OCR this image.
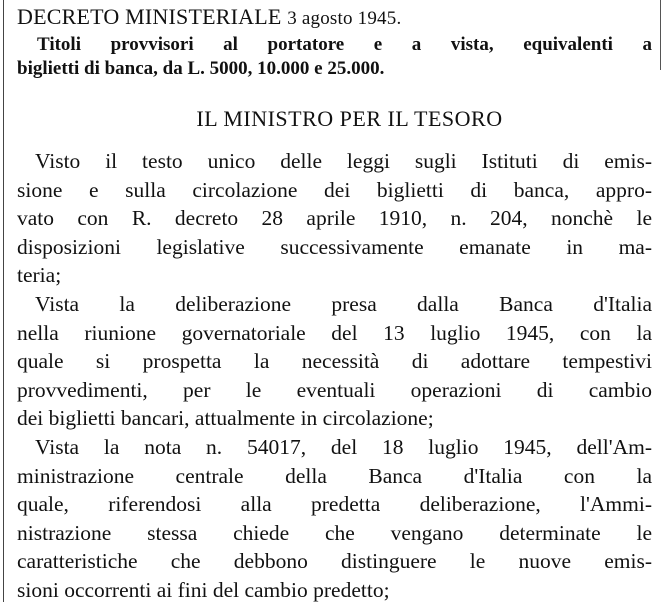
DECRETO MINISTERIALE 3 agosto 1945.
Titoli provvisori al portatore e a vista, equivalenti a
biglietti di banca, da L. 5000, 10.000 e 25.000.
IL MINISTRO PER IL TESORO
Visto il testo unico delle leggi sugli Istituti di emis-
sione e sulla circolazione dei biglietti di banca, appro-
vato con R. decreto 28 aprile 1910, n. 204, nonchè le
disposizioni legislative successivamente emanate in ma-
teria;
Vista la deliberazione presa dalla Banca d'Italia
nella riunione governatoriale del 13 luglio 1945, con la
quale si prospetta la necessità di adottare tempestivi
provvedimenti, per le eventuali operazioni di cambio
dei biglietti bancari, attualmente in circolazione;
Vista la nota n. 54017, del 18 luglio 1945, dell'Am-
ministrazione centrale della Banca d'Italia con la
quale, riferendosi alla predetta deliberazione, l'Ammi-
nistrazione stessa chiede che vengano determinate le
caratteristiche che debbono distinguere le nuove emis-
sioni occorrenti ai fini del cambio predetto;
